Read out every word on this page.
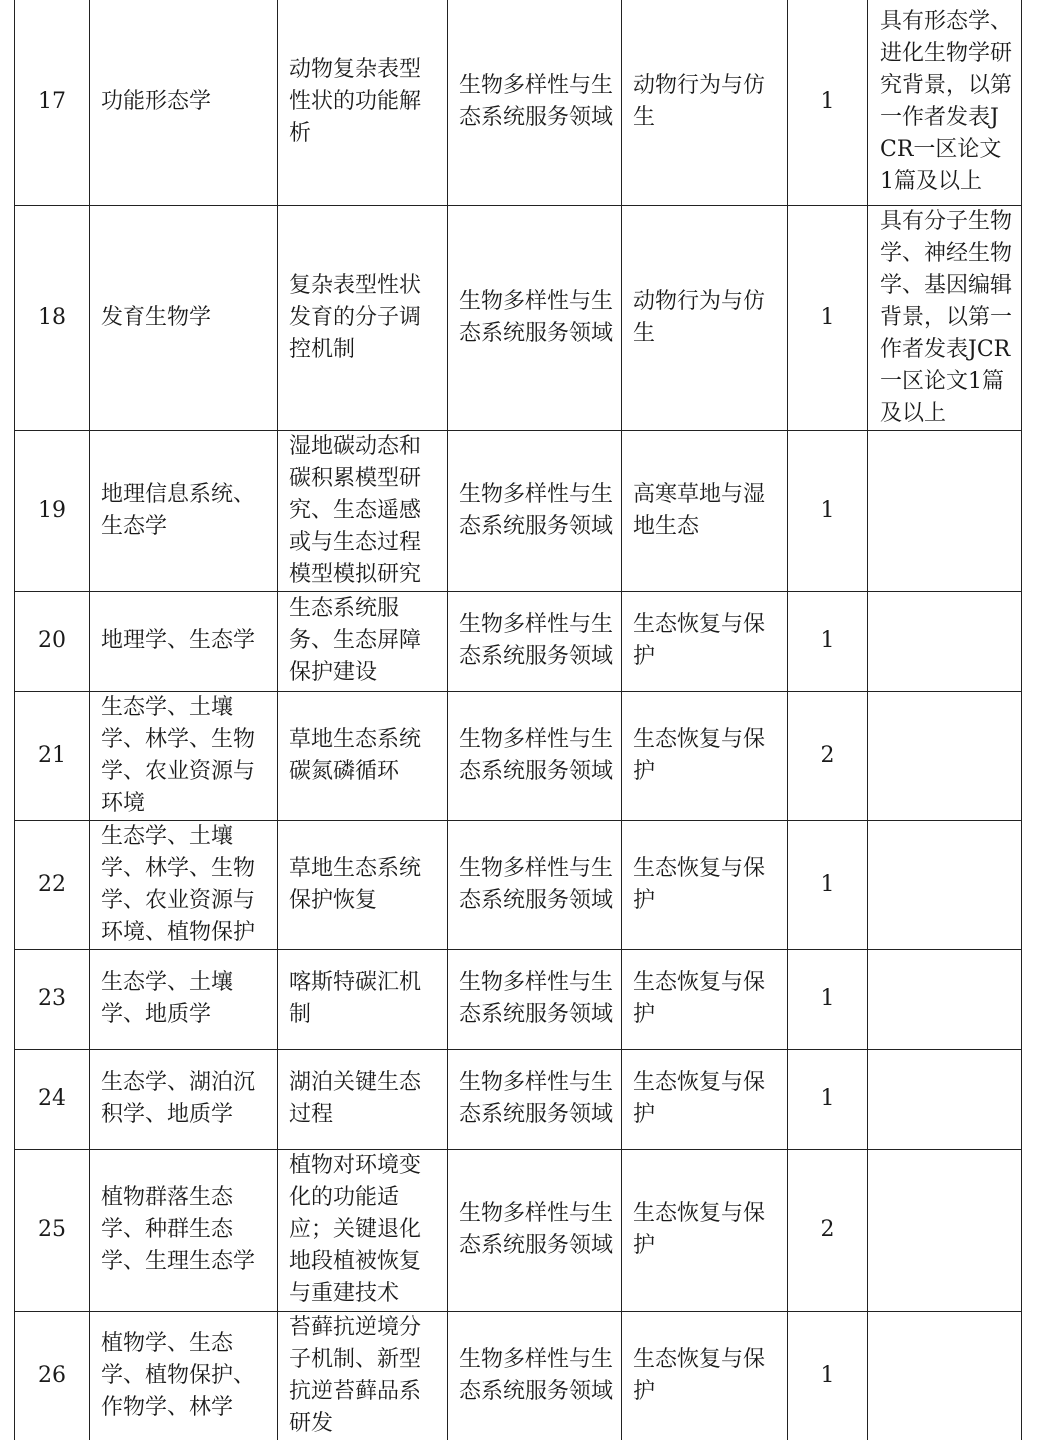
17	功能形态学	动物复杂表型性状的功能解析	生物多样性与生态系统服务领域	动物行为与仿生	1	具有形态学、进化生物学研究背景，以第一作者发表JCR一区论文1篇及以上

18	发育生物学	复杂表型性状发育的分子调控机制	生物多样性与生态系统服务领域	动物行为与仿生	1	具有分子生物学、神经生物学、基因编辑背景，以第一作者发表JCR一区论文1篇及以上

19	地理信息系统、生态学	湿地碳动态和碳积累模型研究、生态遥感或与生态过程模型模拟研究	生物多样性与生态系统服务领域	高寒草地与湿地生态	1	

20	地理学、生态学	生态系统服务、生态屏障保护建设	生物多样性与生态系统服务领域	生态恢复与保护	1	

21	生态学、土壤学、林学、生物学、农业资源与环境	草地生态系统碳氮磷循环	生物多样性与生态系统服务领域	生态恢复与保护	2	

22	生态学、土壤学、林学、生物学、农业资源与环境、植物保护	草地生态系统保护恢复	生物多样性与生态系统服务领域	生态恢复与保护	1	

23	生态学、土壤学、地质学	喀斯特碳汇机制	生物多样性与生态系统服务领域	生态恢复与保护	1	

24	生态学、湖泊沉积学、地质学	湖泊关键生态过程	生物多样性与生态系统服务领域	生态恢复与保护	1	

25	植物群落生态学、种群生态学、生理生态学	植物对环境变化的功能适应；关键退化地段植被恢复与重建技术	生物多样性与生态系统服务领域	生态恢复与保护	2	

26	植物学、生态学、植物保护、作物学、林学	苔藓抗逆境分子机制、新型抗逆苔藓品系研发	生物多样性与生态系统服务领域	生态恢复与保护	1	
